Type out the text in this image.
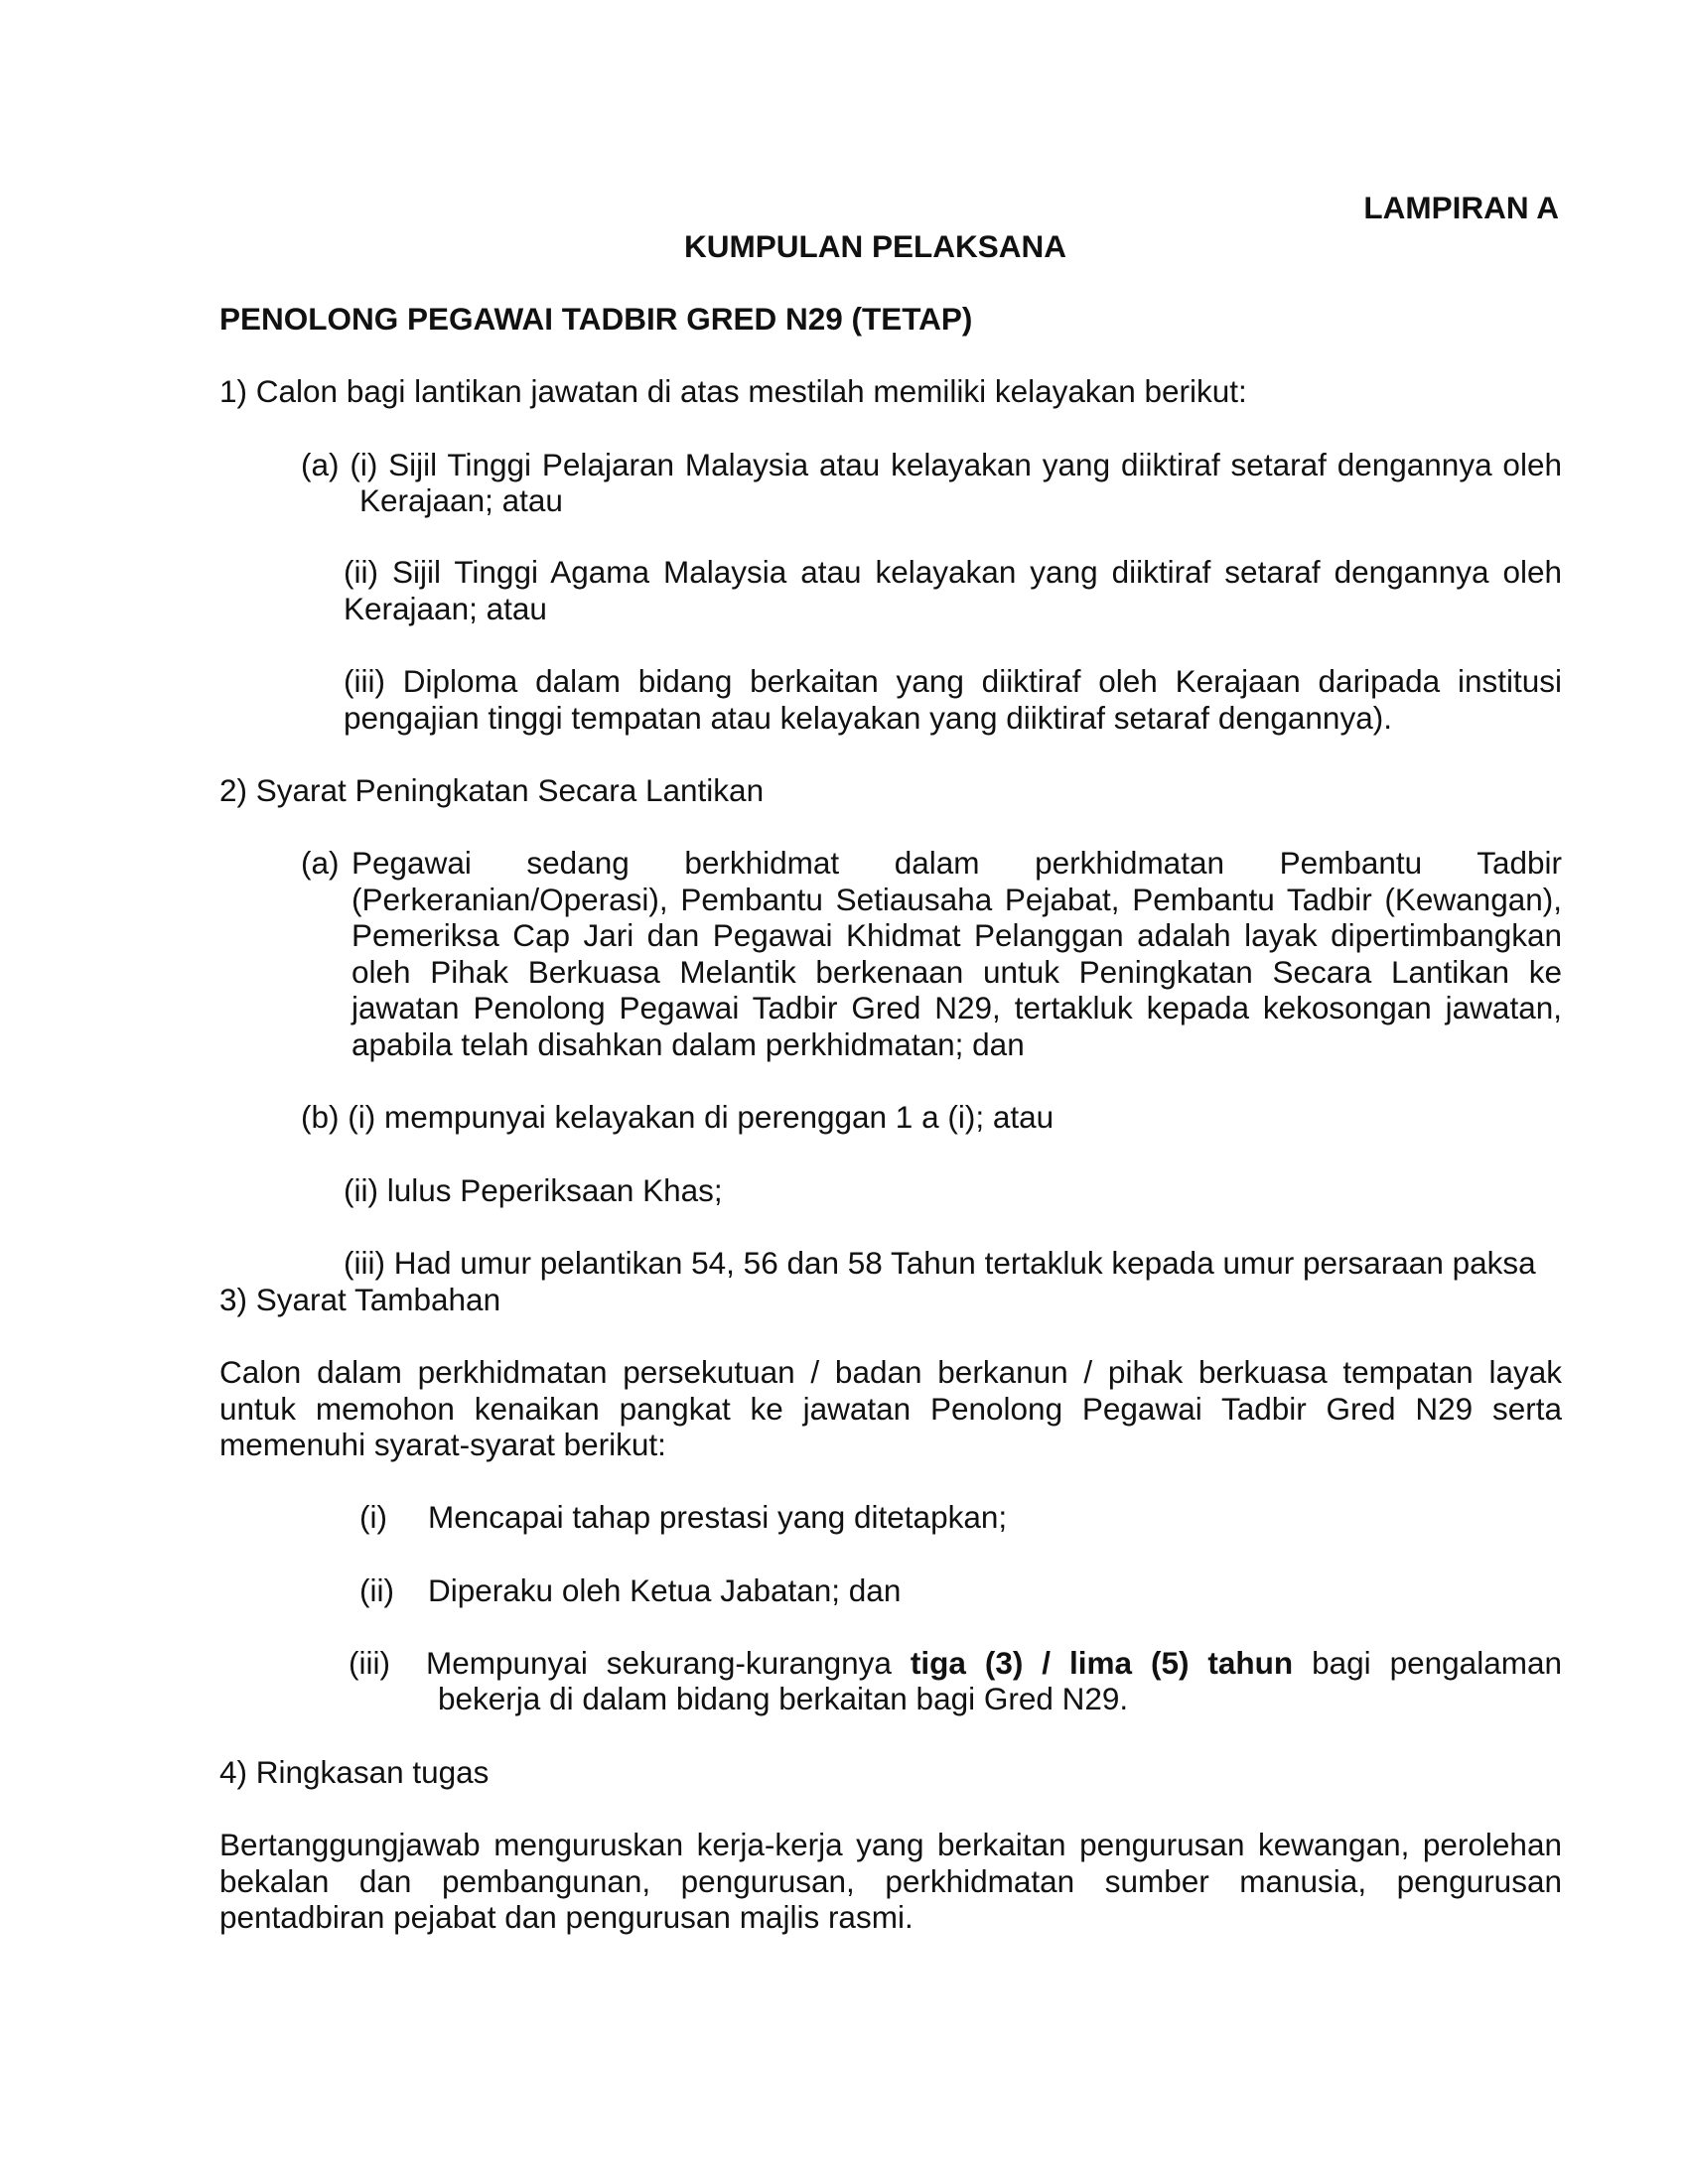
LAMPIRAN A
KUMPULAN PELAKSANA
PENOLONG PEGAWAI TADBIR GRED N29 (TETAP)
1) Calon bagi lantikan jawatan di atas mestilah memiliki kelayakan berikut:
(a) (i) Sijil Tinggi Pelajaran Malaysia atau kelayakan yang diiktiraf setaraf dengannya oleh
Kerajaan; atau
(ii) Sijil Tinggi Agama Malaysia atau kelayakan yang diiktiraf setaraf dengannya oleh
Kerajaan; atau
(iii) Diploma dalam bidang berkaitan yang diiktiraf oleh Kerajaan daripada institusi
pengajian tinggi tempatan atau kelayakan yang diiktiraf setaraf dengannya).
2) Syarat Peningkatan Secara Lantikan
(a) Pegawai sedang berkhidmat dalam perkhidmatan Pembantu Tadbir
(Perkeranian/Operasi), Pembantu Setiausaha Pejabat, Pembantu Tadbir (Kewangan),
Pemeriksa Cap Jari dan Pegawai Khidmat Pelanggan adalah layak dipertimbangkan
oleh Pihak Berkuasa Melantik berkenaan untuk Peningkatan Secara Lantikan ke
jawatan Penolong Pegawai Tadbir Gred N29, tertakluk kepada kekosongan jawatan,
apabila telah disahkan dalam perkhidmatan; dan
(b) (i) mempunyai kelayakan di perenggan 1 a (i); atau
(ii) lulus Peperiksaan Khas;
(iii) Had umur pelantikan 54, 56 dan 58 Tahun tertakluk kepada umur persaraan paksa
3) Syarat Tambahan
Calon dalam perkhidmatan persekutuan / badan berkanun / pihak berkuasa tempatan layak
untuk memohon kenaikan pangkat ke jawatan Penolong Pegawai Tadbir Gred N29 serta
memenuhi syarat-syarat berikut:
(i) Mencapai tahap prestasi yang ditetapkan;
(ii) Diperaku oleh Ketua Jabatan; dan
(iii) Mempunyai sekurang-kurangnya tiga (3) / lima (5) tahun bagi pengalaman
bekerja di dalam bidang berkaitan bagi Gred N29.
4) Ringkasan tugas
Bertanggungjawab menguruskan kerja-kerja yang berkaitan pengurusan kewangan, perolehan
bekalan dan pembangunan, pengurusan, perkhidmatan sumber manusia, pengurusan
pentadbiran pejabat dan pengurusan majlis rasmi.
